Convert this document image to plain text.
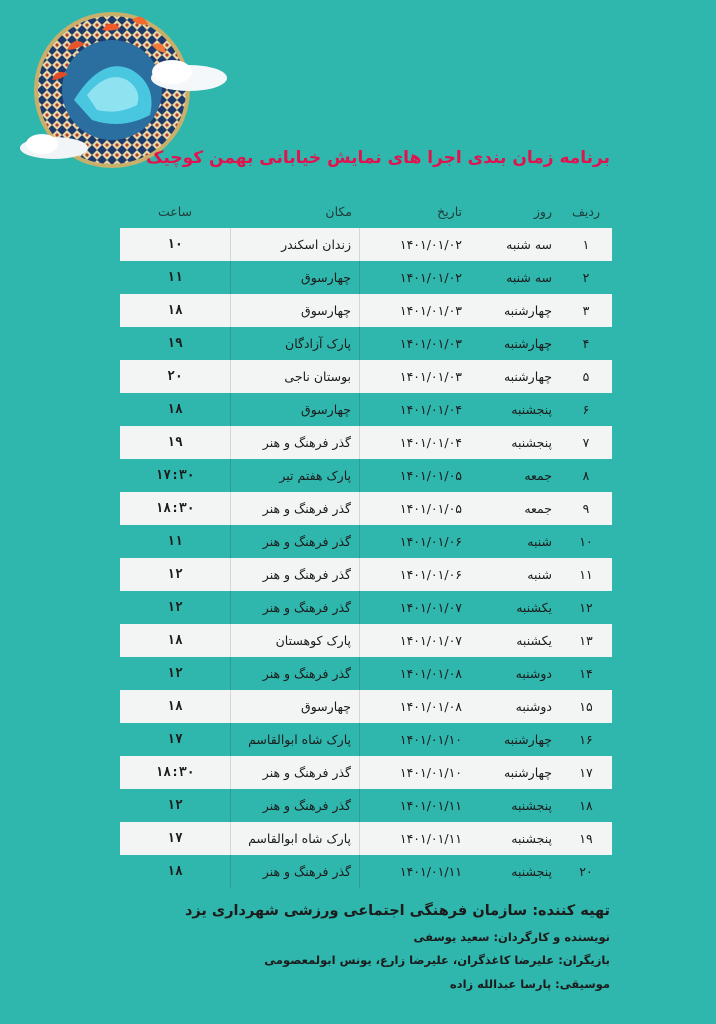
برنامه زمان بندی اجرا های نمایش خیابانی بهمن کوچیک
ردیف
روز
تاریخ
مکان
ساعت
۱
سه شنبه
۱۴۰۱/۰۱/۰۲
زندان اسکندر
۱۰
۲
سه شنبه
۱۴۰۱/۰۱/۰۲
چهارسوق
۱۱
۳
چهارشنبه
۱۴۰۱/۰۱/۰۳
چهارسوق
۱۸
۴
چهارشنبه
۱۴۰۱/۰۱/۰۳
پارک آزادگان
۱۹
۵
چهارشنبه
۱۴۰۱/۰۱/۰۳
بوستان ناجی
۲۰
۶
پنجشنبه
۱۴۰۱/۰۱/۰۴
چهارسوق
۱۸
۷
پنجشنبه
۱۴۰۱/۰۱/۰۴
گذر فرهنگ و هنر
۱۹
۸
جمعه
۱۴۰۱/۰۱/۰۵
پارک هفتم تیر
۱۷:۳۰
۹
جمعه
۱۴۰۱/۰۱/۰۵
گذر فرهنگ و هنر
۱۸:۳۰
۱۰
شنبه
۱۴۰۱/۰۱/۰۶
گذر فرهنگ و هنر
۱۱
۱۱
شنبه
۱۴۰۱/۰۱/۰۶
گذر فرهنگ و هنر
۱۲
۱۲
یکشنبه
۱۴۰۱/۰۱/۰۷
گذر فرهنگ و هنر
۱۲
۱۳
یکشنبه
۱۴۰۱/۰۱/۰۷
پارک کوهستان
۱۸
۱۴
دوشنبه
۱۴۰۱/۰۱/۰۸
گذر فرهنگ و هنر
۱۲
۱۵
دوشنبه
۱۴۰۱/۰۱/۰۸
چهارسوق
۱۸
۱۶
چهارشنبه
۱۴۰۱/۰۱/۱۰
پارک شاه ابوالقاسم
۱۷
۱۷
چهارشنبه
۱۴۰۱/۰۱/۱۰
گذر فرهنگ و هنر
۱۸:۳۰
۱۸
پنجشنبه
۱۴۰۱/۰۱/۱۱
گذر فرهنگ و هنر
۱۲
۱۹
پنجشنبه
۱۴۰۱/۰۱/۱۱
پارک شاه ابوالقاسم
۱۷
۲۰
پنجشنبه
۱۴۰۱/۰۱/۱۱
گذر فرهنگ و هنر
۱۸
تهیه کننده: سازمان فرهنگی اجتماعی ورزشی شهرداری یزد
نویسنده و کارگردان: سعید یوسفی
بازیگران: علیرضا کاغذگران، علیرضا زارع، یونس ابولمعصومی
موسیقی: پارسا عبدالله زاده
